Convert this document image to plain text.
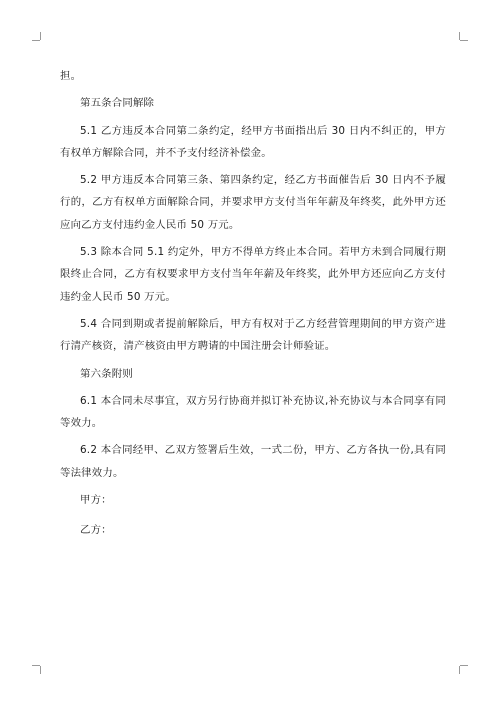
担。

第五条合同解除

5.1 乙方违反本合同第二条约定，经甲方书面指出后 30 日内不纠正的，甲方有权单方解除合同，并不予支付经济补偿金。

5.2 甲方违反本合同第三条、第四条约定，经乙方书面催告后 30 日内不予履行的，乙方有权单方面解除合同，并要求甲方支付当年年薪及年终奖，此外甲方还应向乙方支付违约金人民币 50 万元。

5.3 除本合同 5.1 约定外，甲方不得单方终止本合同。若甲方未到合同履行期限终止合同，乙方有权要求甲方支付当年年薪及年终奖，此外甲方还应向乙方支付违约金人民币 50 万元。

5.4 合同到期或者提前解除后，甲方有权对于乙方经营管理期间的甲方资产进行清产核资，清产核资由甲方聘请的中国注册会计师验证。

第六条附则

6.1 本合同未尽事宜，双方另行协商并拟订补充协议,补充协议与本合同享有同等效力。

6.2 本合同经甲、乙双方签署后生效，一式二份，甲方、乙方各执一份,具有同等法律效力。

甲方：

乙方：
